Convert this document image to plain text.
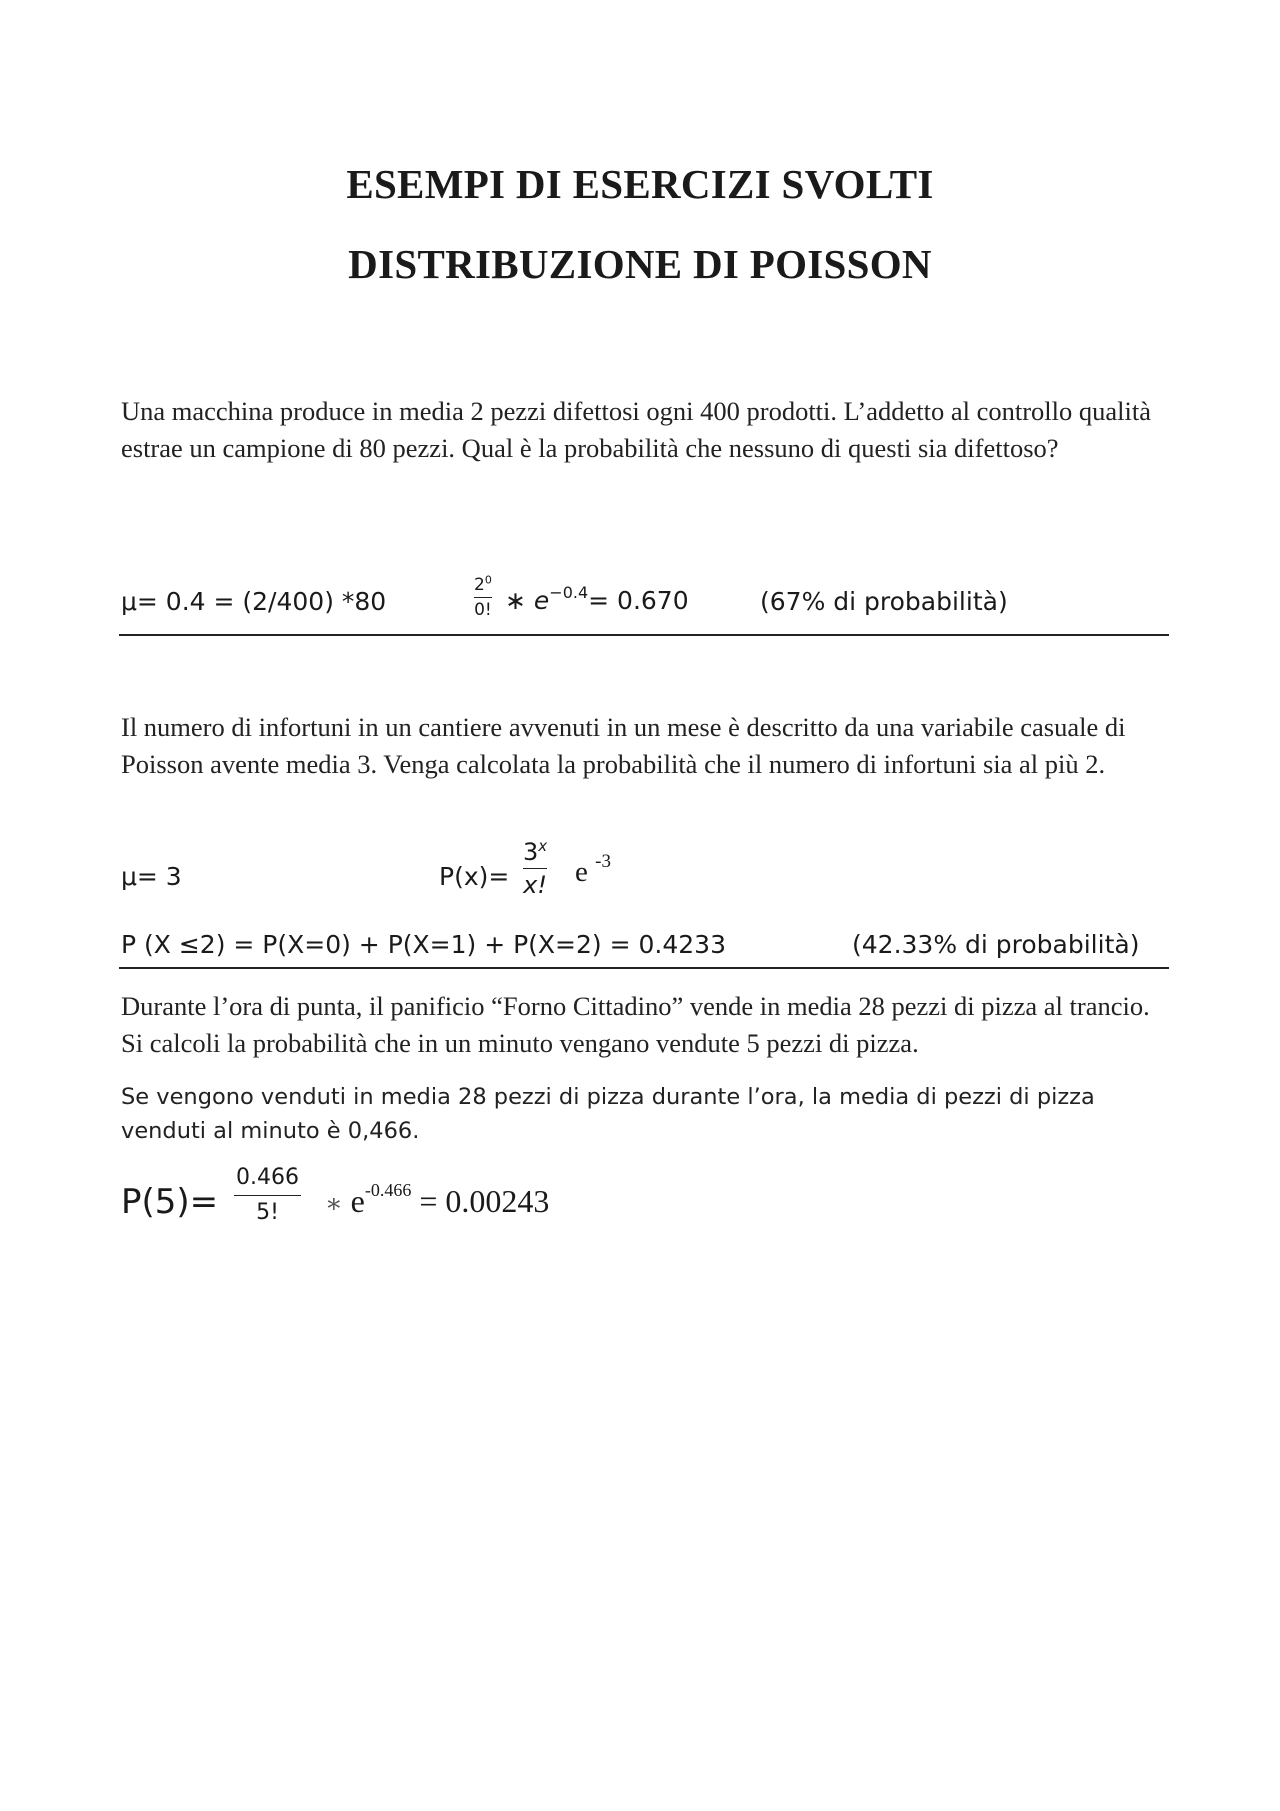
ESEMPI DI ESERCIZI SVOLTI
DISTRIBUZIONE DI POISSON

Una macchina produce in media 2 pezzi difettosi ogni 400 prodotti. L’addetto al controllo qualità estrae un campione di 80 pezzi. Qual è la probabilità che nessuno di questi sia difettoso?

μ= 0.4 = (2/400) *80
$2^0$
0! ∗ $e^{-0.4}= 0.670$	(67% di probabilità)

Il numero di infortuni in un cantiere avvenuti in un mese è descritto da una variabile casuale di Poisson avente media 3. Venga calcolata la probabilità che il numero di infortuni sia al più 2.

μ= 3	P(x)=
$3^x$
x! e $^{-3}$
P (X ≤2) = P(X=0) + P(X=1) + P(X=2) = 0.4233	(42.33% di probabilità)

Durante l’ora di punta, il panificio “Forno Cittadino” vende in media 28 pezzi di pizza al trancio. Si calcoli la probabilità che in un minuto vengano vendute 5 pezzi di pizza.

Se vengono venduti in media 28 pezzi di pizza durante l’ora, la media di pezzi di pizza venduti al minuto è 0,466.

P(5)=
0.466
5! ∗ $e^{-0.466} = 0.00243$
